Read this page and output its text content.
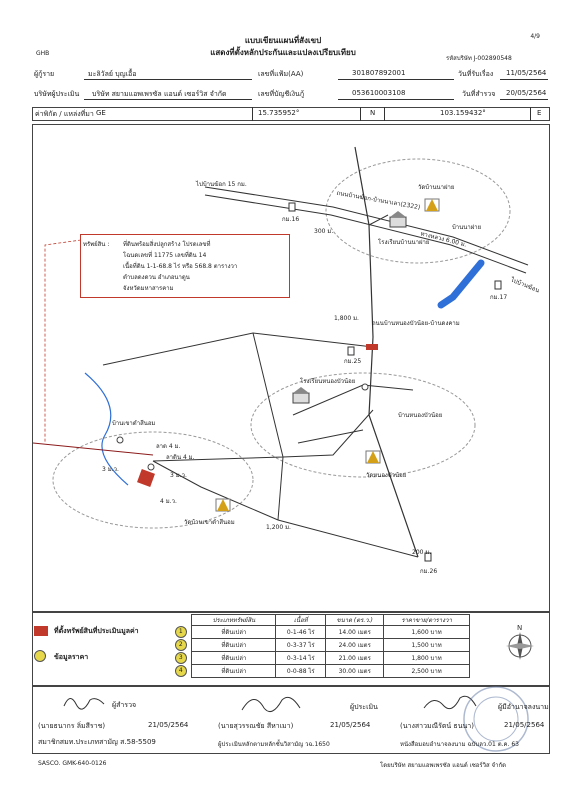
4/9
แบบเขียนแผนที่สังเขป
แสดงที่ตั้งหลักประกันและแปลงเปรียบเทียบ
GHB
รหัสบริษัท J-002890548
ผู้กู้ราย	มะลิวัลย์ บุญเอื้อ	เลขที่แฟ้ม(AA)	301807892001	วันที่รับเรื่อง 11/05/2564
บริษัทผู้ประเมิน บริษัท สยามแอพเพรซัล แอนด์ เซอร์วิส จำกัด	เลขที่บัญชีเงินกู้	053610003108	วันที่สำรวจ 20/05/2564
ค่าพิกัด / แหล่งที่มา GE	15.735952°	N	103.159432°	E
ไปบ้านฆ้อก 15 กม.
ถนนบ้านฆ้อก-บ้านนาเลา(2322)
ทางหลวง 6.00 ม.
ไปบ้านฆ้อน
วัดบ้านนาฝาย
บ้านนาฝาย
โรงเรียนบ้านนาฝาย
กม.16
กม.17
300 ม.
1,800 ม.
ถนนบ้านหนองบัวน้อย-บ้านดงคาม
กม.25
โรงเรียนหนองบัวน้อย
บ้านหนองบัวน้อย
วัดหนองบัวน้อย
บ้านเขาดำสีนอม
วัดบ้านเขาดำสีนอม
1,200 ม.
200 ม.
กม.26
3 ม.ว.
ลาด 4 ม.
ลาดิน 4 ม.
4 ม.ว.
3 ม.ว.
ทรัพย์สิน : ที่ดินพร้อมสิ่งปลูกสร้าง โปรดเลขที่
โฉนดเลขที่ 11775 เลขที่ดิน 14
เนื้อที่ดิน 1-1-68.8 ไร่ หรือ 568.8 ตารางวา
ตำบลดงดวน อำเภอนาดูน
จังหวัดมหาสารคาม
ที่ตั้งทรัพย์สินที่ประเมินมูลค่า
ข้อมูลราคา
	ประเภททรัพย์สิน	เนื้อที่	ขนาด (ตร.ว.)	ราคาขาย/ตารางวา
1	ที่ดินเปล่า	0-1-46 ไร่	14.00 เมตร	1,600 บาท
2	ที่ดินเปล่า	0-3-37 ไร่	24.00 เมตร	1,500 บาท
3	ที่ดินเปล่า	0-3-14 ไร่	21.00 เมตร	1,800 บาท
4	ที่ดินเปล่า	0-0-88 ไร่	30.00 เมตร	2,500 บาท
N
ผู้สำรวจ
(นายธนากร ลิ่มสีราช)	21/05/2564
สมาชิกสมท.ประเภทสามัญ ส.58-5509
ผู้ประเมิน
(นายสุวรรณชัย สีหาเมา)	21/05/2564
ผู้ประเมินหลักตามหลักชั้นวิสามัญ วฉ.1650
ผู้มีอำนาจลงนาม
(นางสาวมณีรัตน์ ธนนา)	21/05/2564
หนังสือมอบอำนาจลงนาม ฉบับลว.01 ต.ค. 63
SASCO. GMK-640-0126	โดยบริษัท สยามแอพเพรซัล แอนด์ เซอร์วิส จำกัด
